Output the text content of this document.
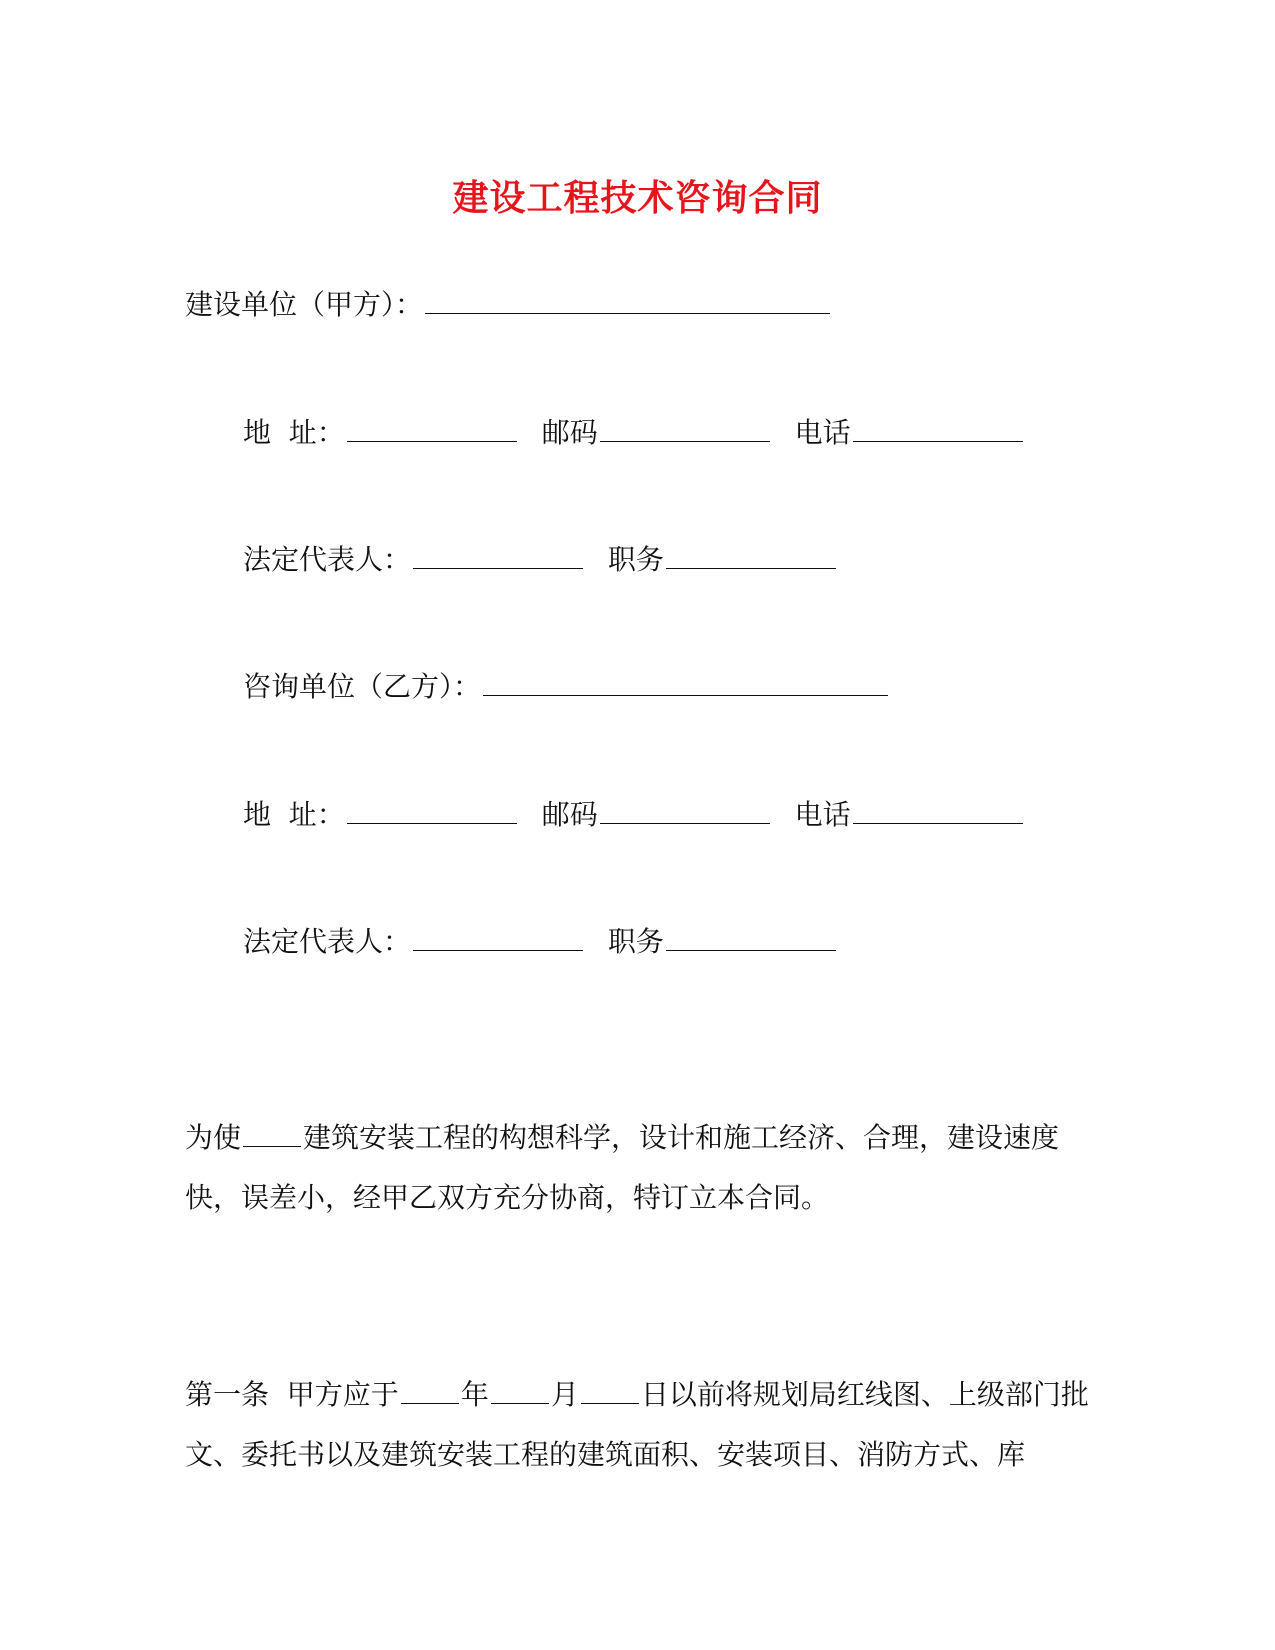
建设工程技术咨询合同
建设单位（甲方）：
地  址：	邮码	电话
法定代表人：	职务
咨询单位（乙方）：
地  址：	邮码	电话
法定代表人：	职务
为使 建筑安装工程的构想科学，设计和施工经济、合理，建设速度快，误差小，经甲乙双方充分协商，特订立本合同。
第一条  甲方应于 年 月 日以前将规划局红线图、上级部门批文、委托书以及建筑安装工程的建筑面积、安装项目、消防方式、库
